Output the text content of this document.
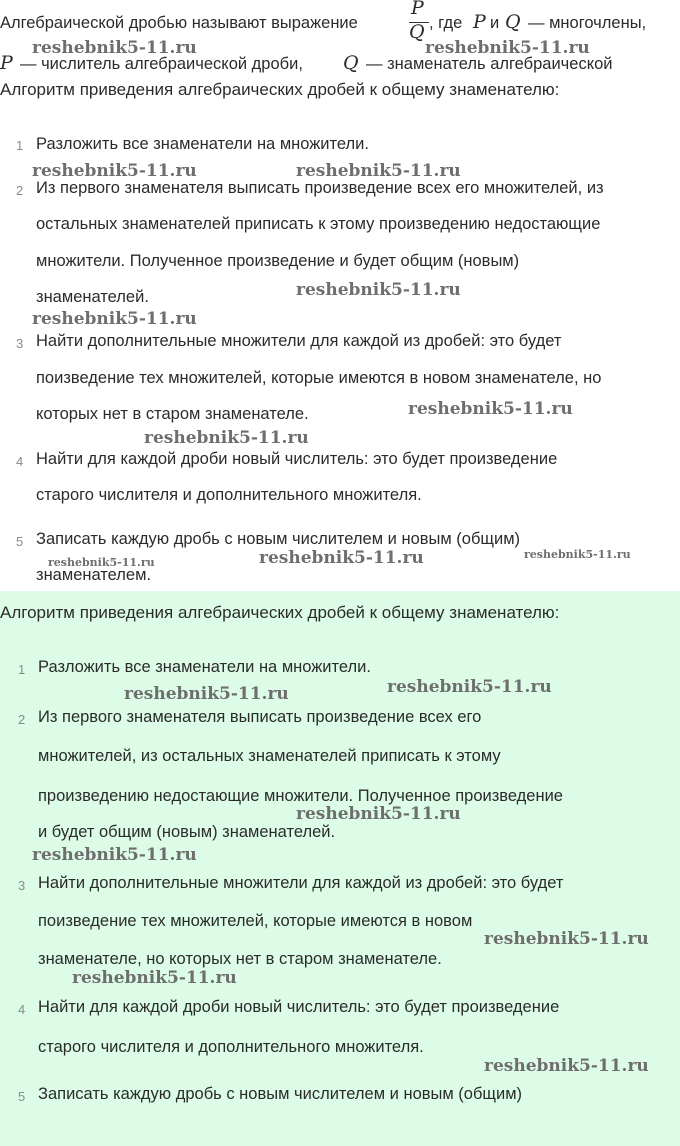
Алгебраической дробью называют выражение
P
Q , где P и Q — многочлены,
P — числитель алгебраической дроби, Q — знаменатель алгебраической
Алгоритм приведения алгебраических дробей к общему знаменателю:
1 Разложить все знаменатели на множители.
2 Из первого знаменателя выписать произведение всех его множителей, из
остальных знаменателей приписать к этому произведению недостающие
множители. Полученное произведение и будет общим (новым)
знаменателей.
3 Найти дополнительные множители для каждой из дробей: это будет
поизведение тех множителей, которые имеются в новом знаменателе, но
которых нет в старом знаменателе.
4 Найти для каждой дроби новый числитель: это будет произведение
старого числителя и дополнительного множителя.
5 Записать каждую дробь с новым числителем и новым (общим)
знаменателем.
Алгоритм приведения алгебраических дробей к общему знаменателю:
1 Разложить все знаменатели на множители.
2 Из первого знаменателя выписать произведение всех его
множителей, из остальных знаменателей приписать к этому
произведению недостающие множители. Полученное произведение
и будет общим (новым) знаменателей.
3 Найти дополнительные множители для каждой из дробей: это будет
поизведение тех множителей, которые имеются в новом
знаменателе, но которых нет в старом знаменателе.
4 Найти для каждой дроби новый числитель: это будет произведение
старого числителя и дополнительного множителя.
5 Записать каждую дробь с новым числителем и новым (общим)
reshebnik5-11.ru	reshebnik5-11.ru
reshebnik5-11.ru	reshebnik5-11.ru
reshebnik5-11.ru
reshebnik5-11.ru
reshebnik5-11.ru
reshebnik5-11.ru
reshebnik5-11.ru	reshebnik5-11.ru	reshebnik5-11.ru
reshebnik5-11.ru
reshebnik5-11.ru
reshebnik5-11.ru
reshebnik5-11.ru
reshebnik5-11.ru
reshebnik5-11.ru
reshebnik5-11.ru
